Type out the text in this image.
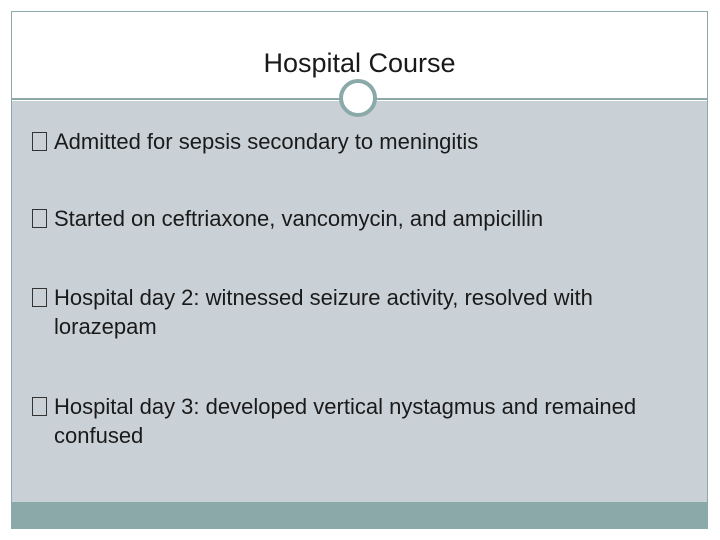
Hospital Course
Admitted for sepsis secondary to meningitis
Started on ceftriaxone, vancomycin, and ampicillin
Hospital day 2: witnessed seizure activity, resolved with lorazepam
Hospital day 3: developed vertical nystagmus and remained confused
